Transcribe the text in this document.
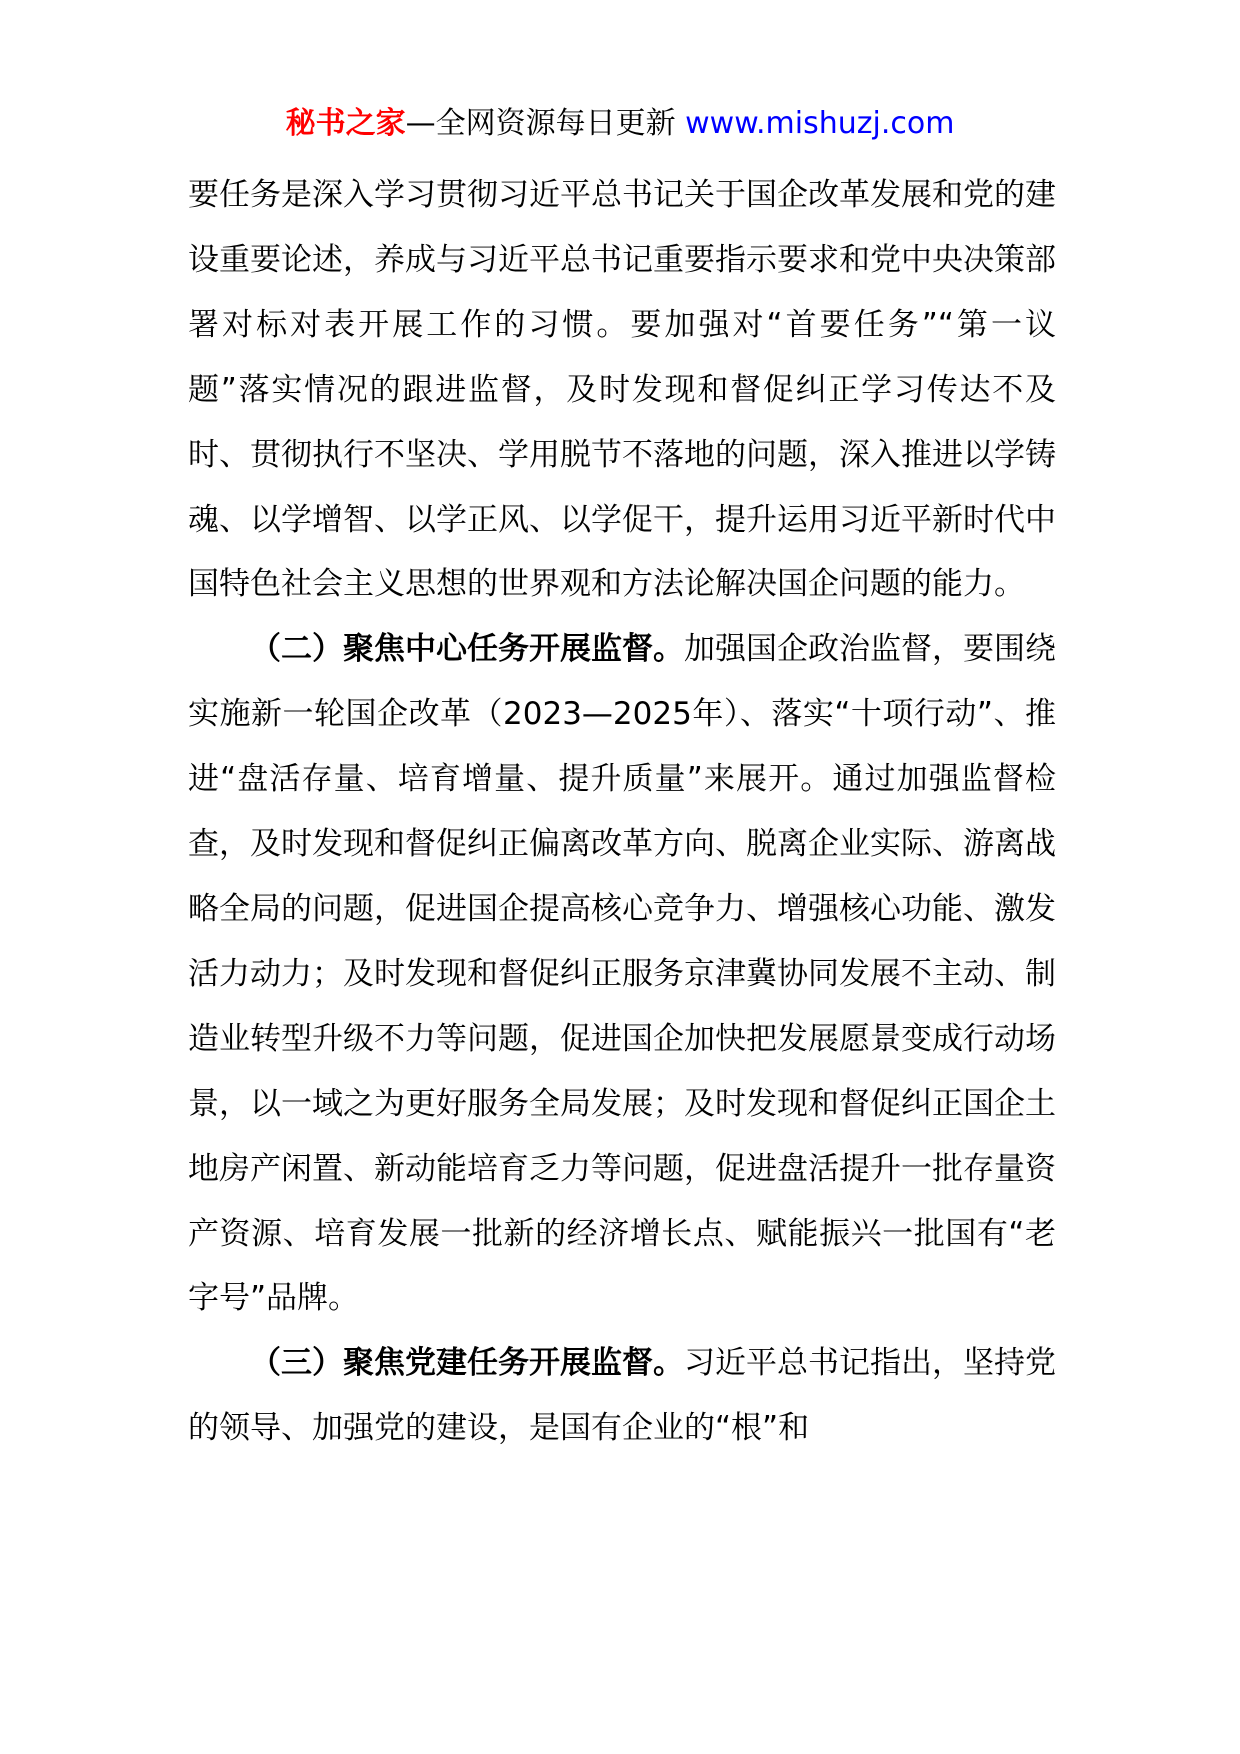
秘书之家—全网资源每日更新 www.mishuzj.com

要任务是深入学习贯彻习近平总书记关于国企改革发展和党的建设重要论述，养成与习近平总书记重要指示要求和党中央决策部署对标对表开展工作的习惯。要加强对“首要任务”“第一议题”落实情况的跟进监督，及时发现和督促纠正学习传达不及时、贯彻执行不坚决、学用脱节不落地的问题，深入推进以学铸魂、以学增智、以学正风、以学促干，提升运用习近平新时代中国特色社会主义思想的世界观和方法论解决国企问题的能力。

（二）聚焦中心任务开展监督。加强国企政治监督，要围绕实施新一轮国企改革（2023—2025年）、落实“十项行动”、推进“盘活存量、培育增量、提升质量”来展开。通过加强监督检查，及时发现和督促纠正偏离改革方向、脱离企业实际、游离战略全局的问题，促进国企提高核心竞争力、增强核心功能、激发活力动力；及时发现和督促纠正服务京津冀协同发展不主动、制造业转型升级不力等问题，促进国企加快把发展愿景变成行动场景，以一域之为更好服务全局发展；及时发现和督促纠正国企土地房产闲置、新动能培育乏力等问题，促进盘活提升一批存量资产资源、培育发展一批新的经济增长点、赋能振兴一批国有“老字号”品牌。

（三）聚焦党建任务开展监督。习近平总书记指出，坚持党的领导、加强党的建设，是国有企业的“根”和
